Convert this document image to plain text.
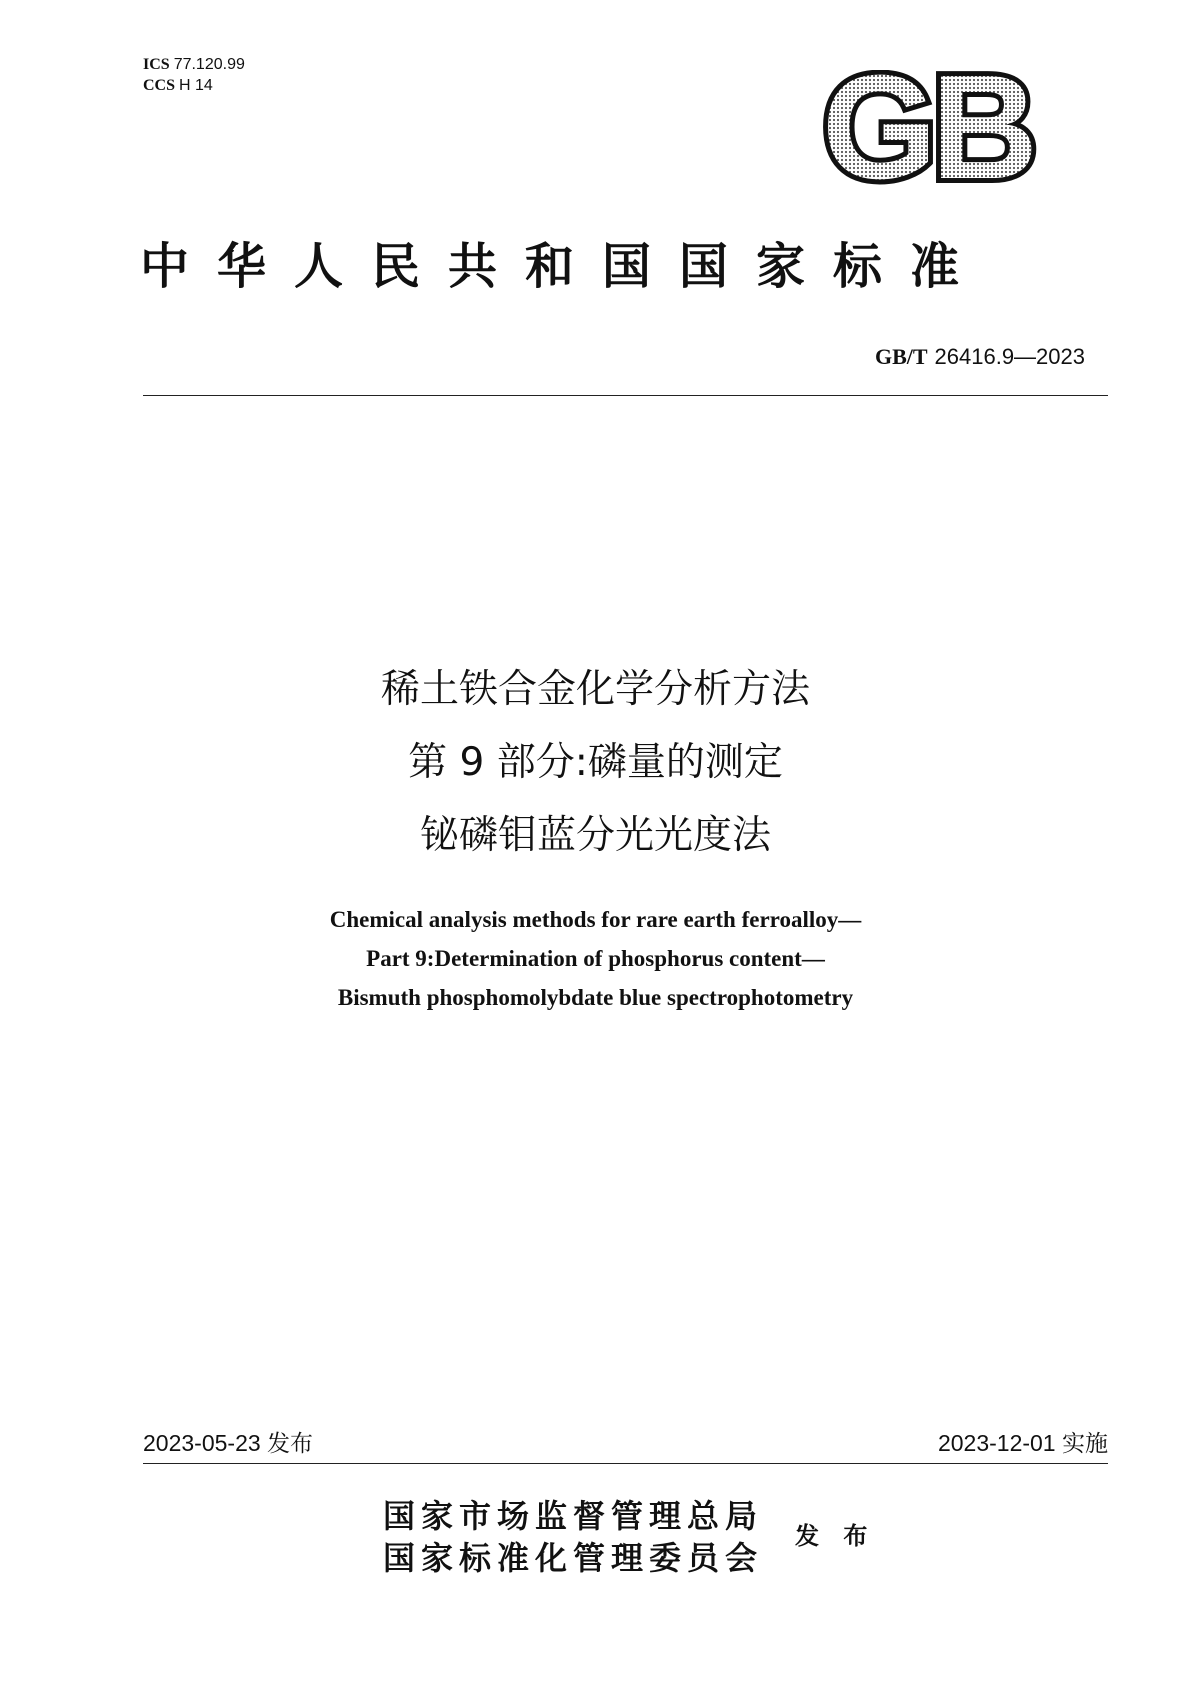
ICS 77.120.99
CCS H 14	GB
中华人民共和国国家标准
GB/T 26416.9—2023
稀土铁合金化学分析方法
第 9 部分:磷量的测定
铋磷钼蓝分光光度法
Chemical analysis methods for rare earth ferroalloy—
Part 9:Determination of phosphorus content—
Bismuth phosphomolybdate blue spectrophotometry
2023-05-23 发布	2023-12-01 实施
国家市场监督管理总局
国家标准化管理委员会
发 布
